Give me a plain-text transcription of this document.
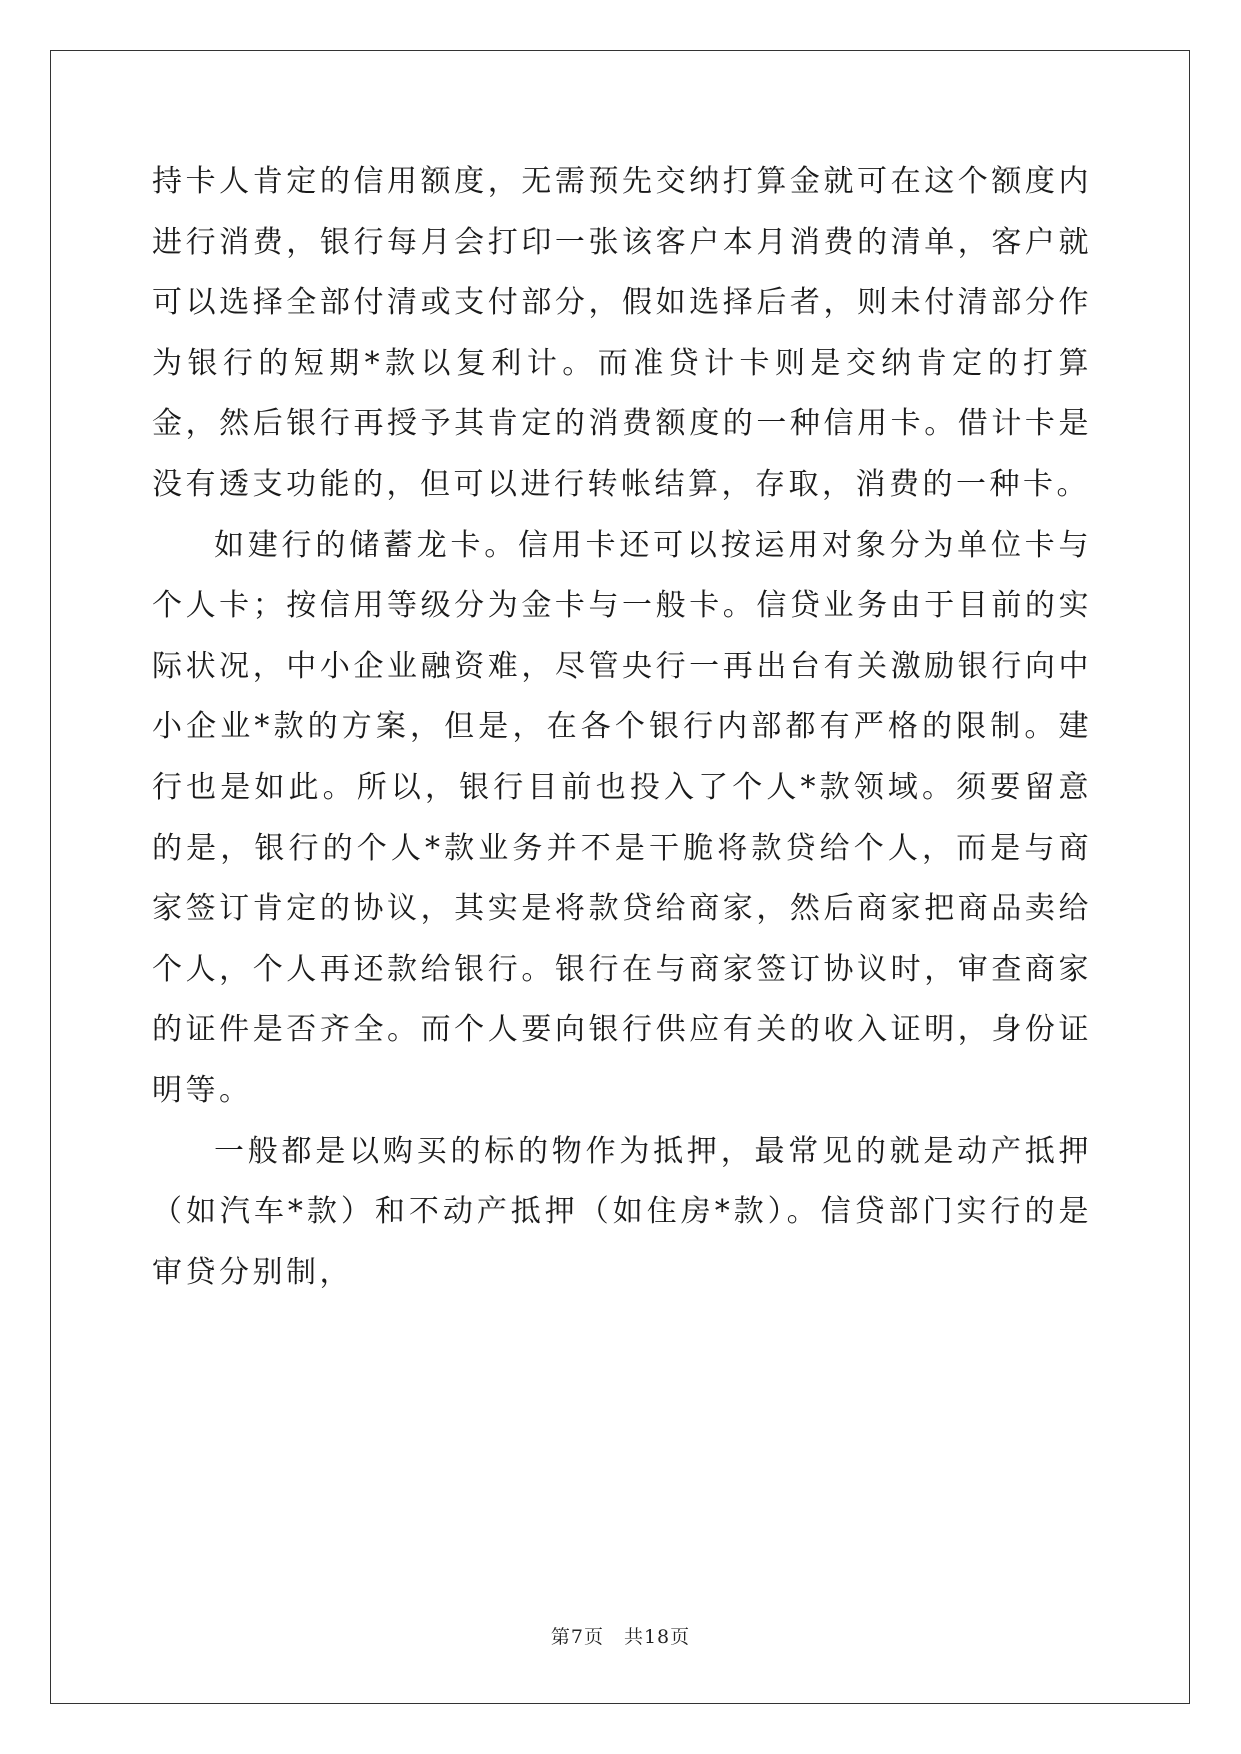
持卡人肯定的信用额度，无需预先交纳打算金就可在这个额度内进行消费，银行每月会打印一张该客户本月消费的清单，客户就可以选择全部付清或支付部分，假如选择后者，则未付清部分作为银行的短期*款以复利计。而准贷计卡则是交纳肯定的打算金，然后银行再授予其肯定的消费额度的一种信用卡。借计卡是没有透支功能的，但可以进行转帐结算，存取，消费的一种卡。

如建行的储蓄龙卡。信用卡还可以按运用对象分为单位卡与个人卡；按信用等级分为金卡与一般卡。信贷业务由于目前的实际状况，中小企业融资难，尽管央行一再出台有关激励银行向中小企业*款的方案，但是，在各个银行内部都有严格的限制。建行也是如此。所以，银行目前也投入了个人*款领域。须要留意的是，银行的个人*款业务并不是干脆将款贷给个人，而是与商家签订肯定的协议，其实是将款贷给商家，然后商家把商品卖给个人，个人再还款给银行。银行在与商家签订协议时，审查商家的证件是否齐全。而个人要向银行供应有关的收入证明，身份证明等。

一般都是以购买的标的物作为抵押，最常见的就是动产抵押（如汽车*款）和不动产抵押（如住房*款）。信贷部门实行的是审贷分别制，

第7页　共18页
